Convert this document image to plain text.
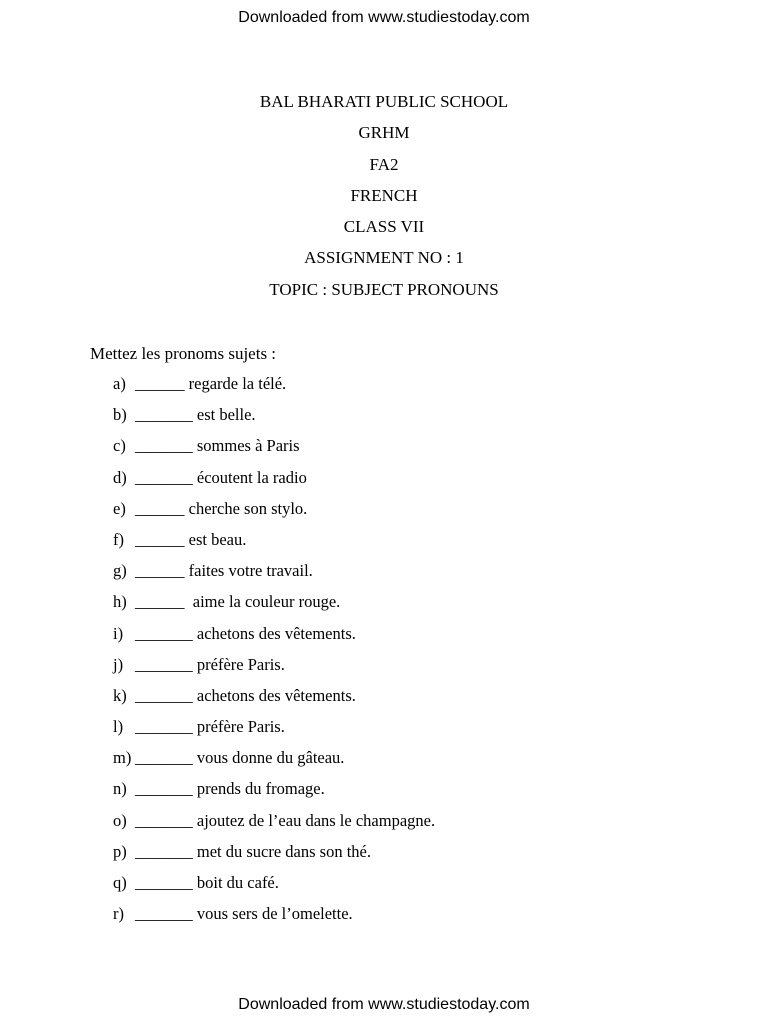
Downloaded from www.studiestoday.com
BAL BHARATI PUBLIC SCHOOL
GRHM
FA2
FRENCH
CLASS VII
ASSIGNMENT NO : 1
TOPIC : SUBJECT PRONOUNS
Mettez les pronoms sujets :
a) ______ regarde la télé.
b) _______ est belle.
c) _______ sommes à Paris
d) _______ écoutent la radio
e) ______ cherche son stylo.
f) ______ est beau.
g) ______ faites votre travail.
h) ______  aime la couleur rouge.
i) _______ achetons des vêtements.
j) _______ préfère Paris.
k) _______ achetons des vêtements.
l) _______ préfère Paris.
m) _______ vous donne du gâteau.
n) _______ prends du fromage.
o) _______ ajoutez de l’eau dans le champagne.
p) _______ met du sucre dans son thé.
q) _______ boit du café.
r) _______ vous sers de l’omelette.
Downloaded from www.studiestoday.com
